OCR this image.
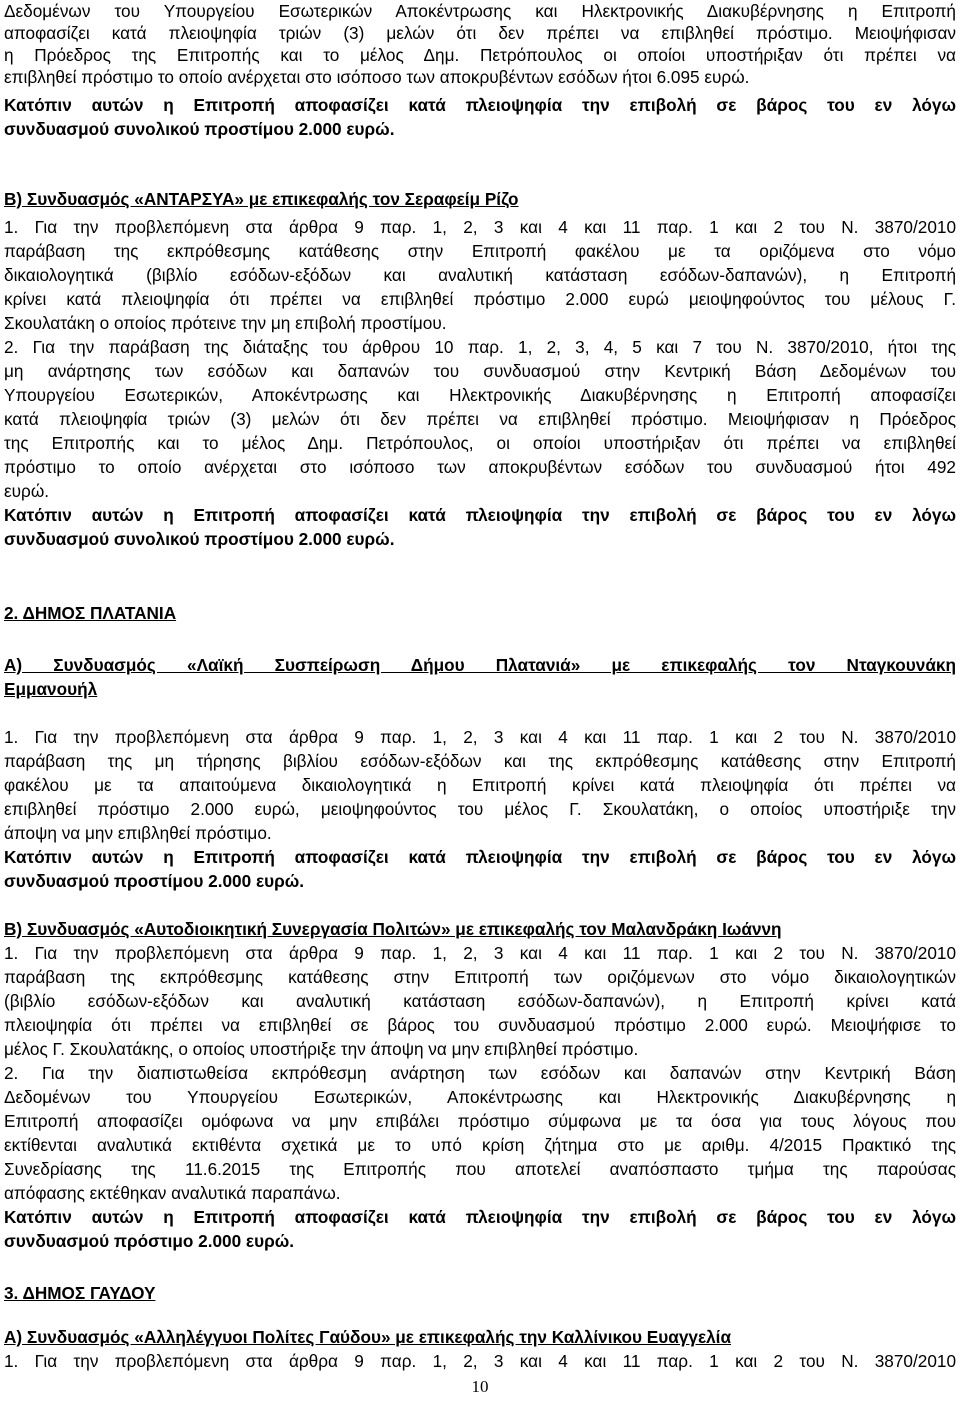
Δεδομένων του Υπουργείου Εσωτερικών Αποκέντρωσης και Ηλεκτρονικής Διακυβέρνησης η Επιτροπή
αποφασίζει κατά πλειοψηφία τριών (3) μελών ότι δεν πρέπει να επιβληθεί πρόστιμο. Μειοψήφισαν
η Πρόεδρος της Επιτροπής και το μέλος Δημ. Πετρόπουλος οι οποίοι υποστήριξαν ότι πρέπει να
επιβληθεί πρόστιμο το οποίο ανέρχεται στο ισόποσο των αποκρυβέντων εσόδων ήτοι 6.095 ευρώ.
Κατόπιν αυτών η Επιτροπή αποφασίζει κατά πλειοψηφία την επιβολή σε βάρος του εν λόγω
συνδυασμού συνολικού προστίμου 2.000 ευρώ.
Β) Συνδυασμός «ΑΝΤΑΡΣΥΑ» με επικεφαλής τον Σεραφείμ Ρίζο
1. Για την προβλεπόμενη στα άρθρα 9 παρ. 1, 2, 3 και 4 και 11 παρ. 1 και 2 του Ν. 3870/2010
παράβαση της εκπρόθεσμης κατάθεσης στην Επιτροπή φακέλου με τα οριζόμενα στο νόμο
δικαιολογητικά (βιβλίο εσόδων-εξόδων και αναλυτική κατάσταση εσόδων-δαπανών), η Επιτροπή
κρίνει κατά πλειοψηφία ότι πρέπει να επιβληθεί πρόστιμο 2.000 ευρώ μειοψηφούντος του μέλους Γ.
Σκουλατάκη ο οποίος πρότεινε την μη επιβολή προστίμου.
2. Για την παράβαση της διάταξης του άρθρου 10 παρ. 1, 2, 3, 4, 5 και 7 του Ν. 3870/2010, ήτοι της
μη ανάρτησης των εσόδων και δαπανών του συνδυασμού στην Κεντρική Βάση Δεδομένων του
Υπουργείου Εσωτερικών, Αποκέντρωσης και Ηλεκτρονικής Διακυβέρνησης η Επιτροπή αποφασίζει
κατά πλειοψηφία τριών (3) μελών ότι δεν πρέπει να επιβληθεί πρόστιμο. Μειοψήφισαν η Πρόεδρος
της Επιτροπής και το μέλος Δημ. Πετρόπουλος, οι οποίοι υποστήριξαν ότι πρέπει να επιβληθεί
πρόστιμο το οποίο ανέρχεται στο ισόποσο των αποκρυβέντων εσόδων του συνδυασμού ήτοι 492
ευρώ.
Κατόπιν αυτών η Επιτροπή αποφασίζει κατά πλειοψηφία την επιβολή σε βάρος του εν λόγω
συνδυασμού συνολικού προστίμου 2.000 ευρώ.
2. ΔΗΜΟΣ ΠΛΑΤΑΝΙΑ
Α) Συνδυασμός «Λαϊκή Συσπείρωση Δήμου Πλατανιά» με επικεφαλής τον Νταγκουνάκη
Εμμανουήλ
1. Για την προβλεπόμενη στα άρθρα 9 παρ. 1, 2, 3 και 4 και 11 παρ. 1 και 2 του Ν. 3870/2010
παράβαση της μη τήρησης βιβλίου εσόδων-εξόδων και της εκπρόθεσμης κατάθεσης στην Επιτροπή
φακέλου με τα απαιτούμενα δικαιολογητικά η Επιτροπή κρίνει κατά πλειοψηφία ότι πρέπει να
επιβληθεί πρόστιμο 2.000 ευρώ, μειοψηφούντος του μέλος Γ. Σκουλατάκη, ο οποίος υποστήριξε την
άποψη να μην επιβληθεί πρόστιμο.
Κατόπιν αυτών η Επιτροπή αποφασίζει κατά πλειοψηφία την επιβολή σε βάρος του εν λόγω
συνδυασμού προστίμου 2.000 ευρώ.
Β) Συνδυασμός «Αυτοδιοικητική Συνεργασία Πολιτών» με επικεφαλής τον Μαλανδράκη Ιωάννη
1. Για την προβλεπόμενη στα άρθρα 9 παρ. 1, 2, 3 και 4 και 11 παρ. 1 και 2 του Ν. 3870/2010
παράβαση της εκπρόθεσμης κατάθεσης στην Επιτροπή των οριζόμενων στο νόμο δικαιολογητικών
(βιβλίο εσόδων-εξόδων και αναλυτική κατάσταση εσόδων-δαπανών), η Επιτροπή κρίνει κατά
πλειοψηφία ότι πρέπει να επιβληθεί σε βάρος του συνδυασμού πρόστιμο 2.000 ευρώ. Μειοψήφισε το
μέλος Γ. Σκουλατάκης, ο οποίος υποστήριξε την άποψη να μην επιβληθεί πρόστιμο.
2. Για την διαπιστωθείσα εκπρόθεσμη ανάρτηση των εσόδων και δαπανών στην Κεντρική Βάση
Δεδομένων του Υπουργείου Εσωτερικών, Αποκέντρωσης και Ηλεκτρονικής Διακυβέρνησης η
Επιτροπή αποφασίζει ομόφωνα να μην επιβάλει πρόστιμο σύμφωνα με τα όσα για τους λόγους που
εκτίθενται αναλυτικά εκτιθέντα σχετικά με το υπό κρίση ζήτημα στο με αριθμ. 4/2015 Πρακτικό της
Συνεδρίασης της 11.6.2015 της Επιτροπής που αποτελεί αναπόσπαστο τμήμα της παρούσας
απόφασης εκτέθηκαν αναλυτικά παραπάνω.
Κατόπιν αυτών η Επιτροπή αποφασίζει κατά πλειοψηφία την επιβολή σε βάρος του εν λόγω
συνδυασμού πρόστιμο 2.000 ευρώ.
3. ΔΗΜΟΣ ΓΑΥΔΟΥ
Α) Συνδυασμός «Αλληλέγγυοι Πολίτες Γαύδου» με επικεφαλής την Καλλίνικου Ευαγγελία
1. Για την προβλεπόμενη στα άρθρα 9 παρ. 1, 2, 3 και 4 και 11 παρ. 1 και 2 του Ν. 3870/2010
10
